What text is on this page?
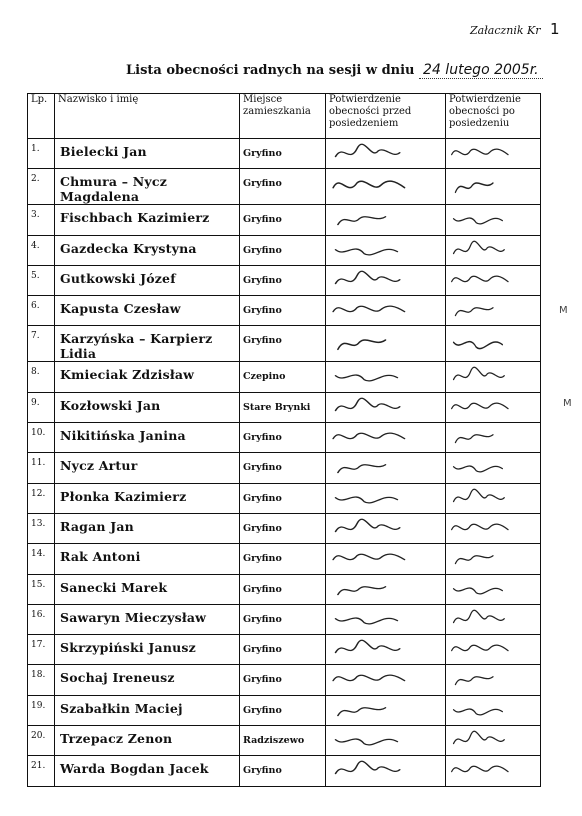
Załacznik Kr 1
Lista obecności radnych na sesji w dniu 24 lutego 2005r.
Lp.	Nazwisko i imię	Miejsce zamieszkania	Potwierdzenie obecności przed posiedzeniem	Potwierdzenie obecności po posiedzeniu
1.	Bielecki Jan	Gryfino	

2.	Chmura – Nycz Magdalena	Gryfino	

3.	Fischbach Kazimierz	Gryfino	

4.	Gazdecka Krystyna	Gryfino	

5.	Gutkowski Józef	Gryfino	

6.	Kapusta Czesław	Gryfino	

7.	Karzyńska – Karpierz Lidia	Gryfino	

8.	Kmieciak Zdzisław	Czepino	

9.	Kozłowski Jan	Stare Brynki	

10.	Nikitińska Janina	Gryfino	

11.	Nycz Artur	Gryfino	

12.	Płonka Kazimierz	Gryfino	

13.	Ragan Jan	Gryfino	

14.	Rak Antoni	Gryfino	

15.	Sanecki Marek	Gryfino	

16.	Sawaryn Mieczysław	Gryfino	

17.	Skrzypiński Janusz	Gryfino	

18.	Sochaj Ireneusz	Gryfino	

19.	Szabałkin Maciej	Gryfino	

20.	Trzepacz Zenon	Radziszewo	

21.	Warda Bogdan Jacek	Gryfino	

M
M
